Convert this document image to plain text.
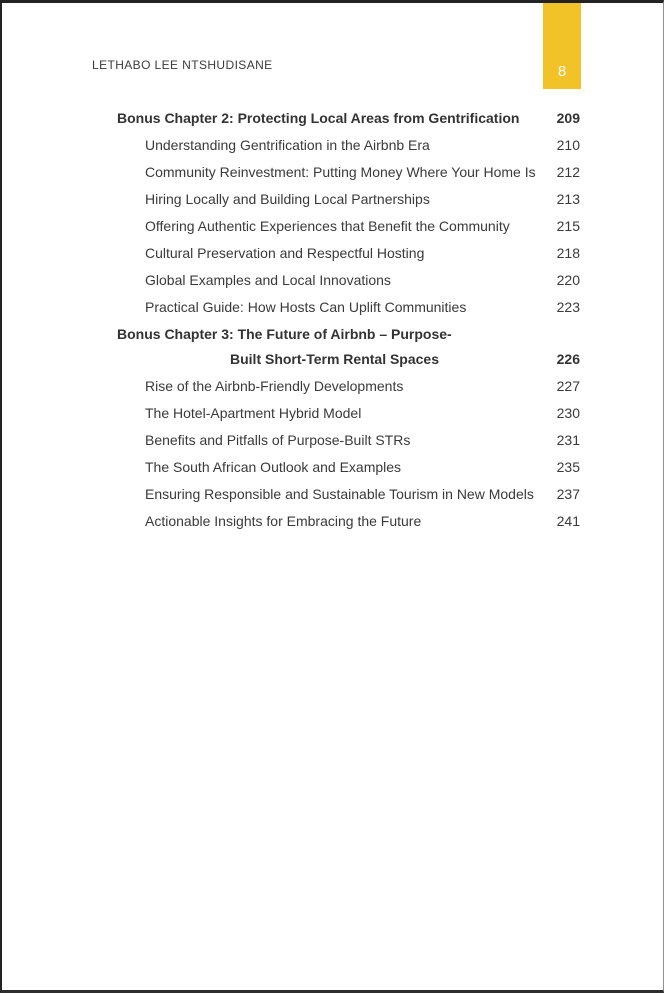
LETHABO LEE NTSHUDISANE	8
Bonus Chapter 2: Protecting Local Areas from Gentrification	209
Understanding Gentrification in the Airbnb Era	210
Community Reinvestment: Putting Money Where Your Home Is	212
Hiring Locally and Building Local Partnerships	213
Offering Authentic Experiences that Benefit the Community	215
Cultural Preservation and Respectful Hosting	218
Global Examples and Local Innovations	220
Practical Guide: How Hosts Can Uplift Communities	223
Bonus Chapter 3: The Future of Airbnb – Purpose-
Built Short-Term Rental Spaces	226
Rise of the Airbnb-Friendly Developments	227
The Hotel-Apartment Hybrid Model	230
Benefits and Pitfalls of Purpose-Built STRs	231
The South African Outlook and Examples	235
Ensuring Responsible and Sustainable Tourism in New Models	237
Actionable Insights for Embracing the Future	241
